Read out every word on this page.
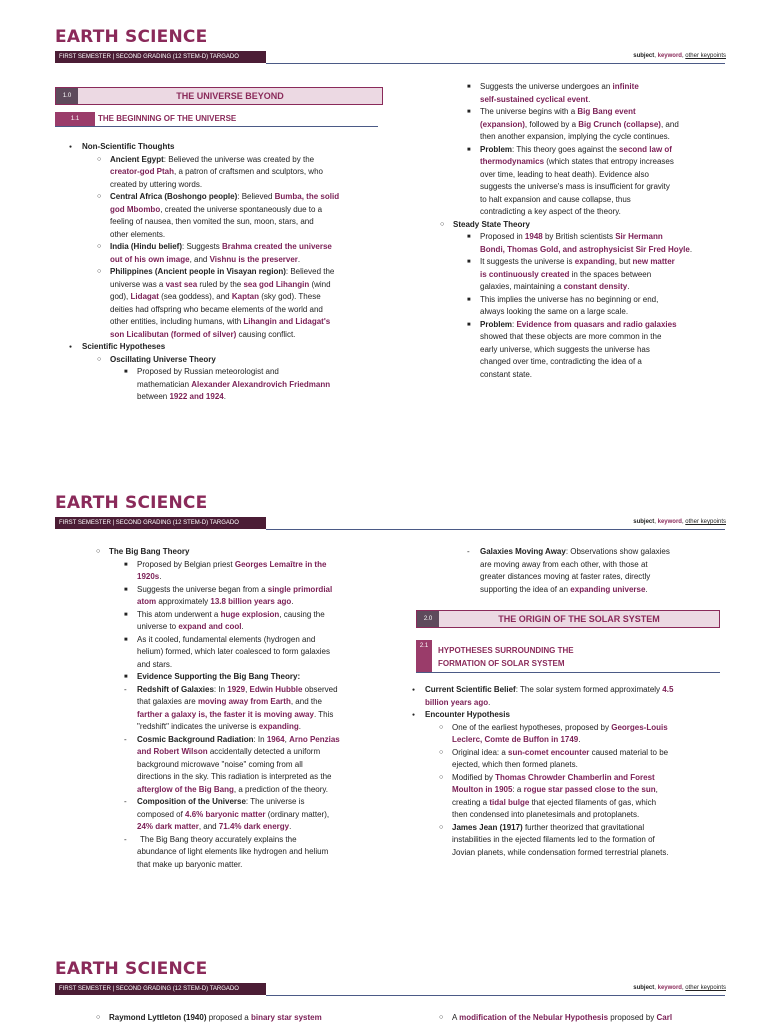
EARTH SCIENCE
FIRST SEMESTER | SECOND GRADING (12 STEM-D) TARGADO	subject, keyword, other keypoints
1.0	THE UNIVERSE BEYOND
1.1	THE BEGINNING OF THE UNIVERSE

● Non-Scientific Thoughts

○ Ancient Egypt: Believed the universe was created by the

creator-god Ptah, a patron of craftsmen and sculptors, who

created by uttering words.

○ Central Africa (Boshongo people): Believed Bumba, the solid

god Mbombo, created the universe spontaneously due to a

feeling of nausea, then vomited the sun, moon, stars, and

other elements.

○ India (Hindu belief): Suggests Brahma created the universe

out of his own image, and Vishnu is the preserver.

○ Philippines (Ancient people in Visayan region): Believed the

universe was a vast sea ruled by the sea god Lihangin (wind

god), Lidagat (sea goddess), and Kaptan (sky god). These

deities had offspring who became elements of the world and

other entities, including humans, with Lihangin and Lidagat's

son Licalibutan (formed of silver) causing conflict.

● Scientific Hypotheses

○ Oscillating Universe Theory

■ Proposed by Russian meteorologist and

mathematician Alexander Alexandrovich Friedmann

between 1922 and 1924.

■ Suggests the universe undergoes an infinite

self-sustained cyclical event.

■ The universe begins with a Big Bang event

(expansion), followed by a Big Crunch (collapse), and

then another expansion, implying the cycle continues.

■ Problem: This theory goes against the second law of

thermodynamics (which states that entropy increases

over time, leading to heat death). Evidence also

suggests the universe's mass is insufficient for gravity

to halt expansion and cause collapse, thus

contradicting a key aspect of the theory.

○ Steady State Theory

■ Proposed in 1948 by British scientists Sir Hermann

Bondi, Thomas Gold, and astrophysicist Sir Fred Hoyle.

■ It suggests the universe is expanding, but new matter

is continuously created in the spaces between

galaxies, maintaining a constant density.

■ This implies the universe has no beginning or end,

always looking the same on a large scale.

■ Problem: Evidence from quasars and radio galaxies

showed that these objects are more common in the

early universe, which suggests the universe has

changed over time, contradicting the idea of a

constant state.

EARTH SCIENCE
FIRST SEMESTER | SECOND GRADING (12 STEM-D) TARGADO	subject, keyword, other keypoints

○ The Big Bang Theory

■ Proposed by Belgian priest Georges Lemaître in the

1920s.

■ Suggests the universe began from a single primordial

atom approximately 13.8 billion years ago.

■ This atom underwent a huge explosion, causing the

universe to expand and cool.

■ As it cooled, fundamental elements (hydrogen and

helium) formed, which later coalesced to form galaxies

and stars.

■ Evidence Supporting the Big Bang Theory:

- Redshift of Galaxies: In 1929, Edwin Hubble observed

that galaxies are moving away from Earth, and the

farther a galaxy is, the faster it is moving away. This

"redshift" indicates the universe is expanding.

- Cosmic Background Radiation: In 1964, Arno Penzias

and Robert Wilson accidentally detected a uniform

background microwave "noise" coming from all

directions in the sky. This radiation is interpreted as the

afterglow of the Big Bang, a prediction of the theory.

- Composition of the Universe: The universe is

composed of 4.6% baryonic matter (ordinary matter),

24% dark matter, and 71.4% dark energy.

- The Big Bang theory accurately explains the

abundance of light elements like hydrogen and helium

that make up baryonic matter.

- Galaxies Moving Away: Observations show galaxies

are moving away from each other, with those at

greater distances moving at faster rates, directly

supporting the idea of an expanding universe.

2.0	THE ORIGIN OF THE SOLAR SYSTEM
2.1	HYPOTHESES SURROUNDING THE
FORMATION OF SOLAR SYSTEM

● Current Scientific Belief: The solar system formed approximately 4.5

billion years ago.

● Encounter Hypothesis

○ One of the earliest hypotheses, proposed by Georges-Louis

Leclerc, Comte de Buffon in 1749.

○ Original idea: a sun-comet encounter caused material to be

ejected, which then formed planets.

○ Modified by Thomas Chrowder Chamberlin and Forest

Moulton in 1905: a rogue star passed close to the sun,

creating a tidal bulge that ejected filaments of gas, which

then condensed into planetesimals and protoplanets.

○ James Jean (1917) further theorized that gravitational

instabilities in the ejected filaments led to the formation of

Jovian planets, while condensation formed terrestrial planets.

EARTH SCIENCE
FIRST SEMESTER | SECOND GRADING (12 STEM-D) TARGADO	subject, keyword, other keypoints

○ Raymond Lyttleton (1940) proposed a binary star system

○	A modification of the Nebular Hypothesis proposed by Carl
